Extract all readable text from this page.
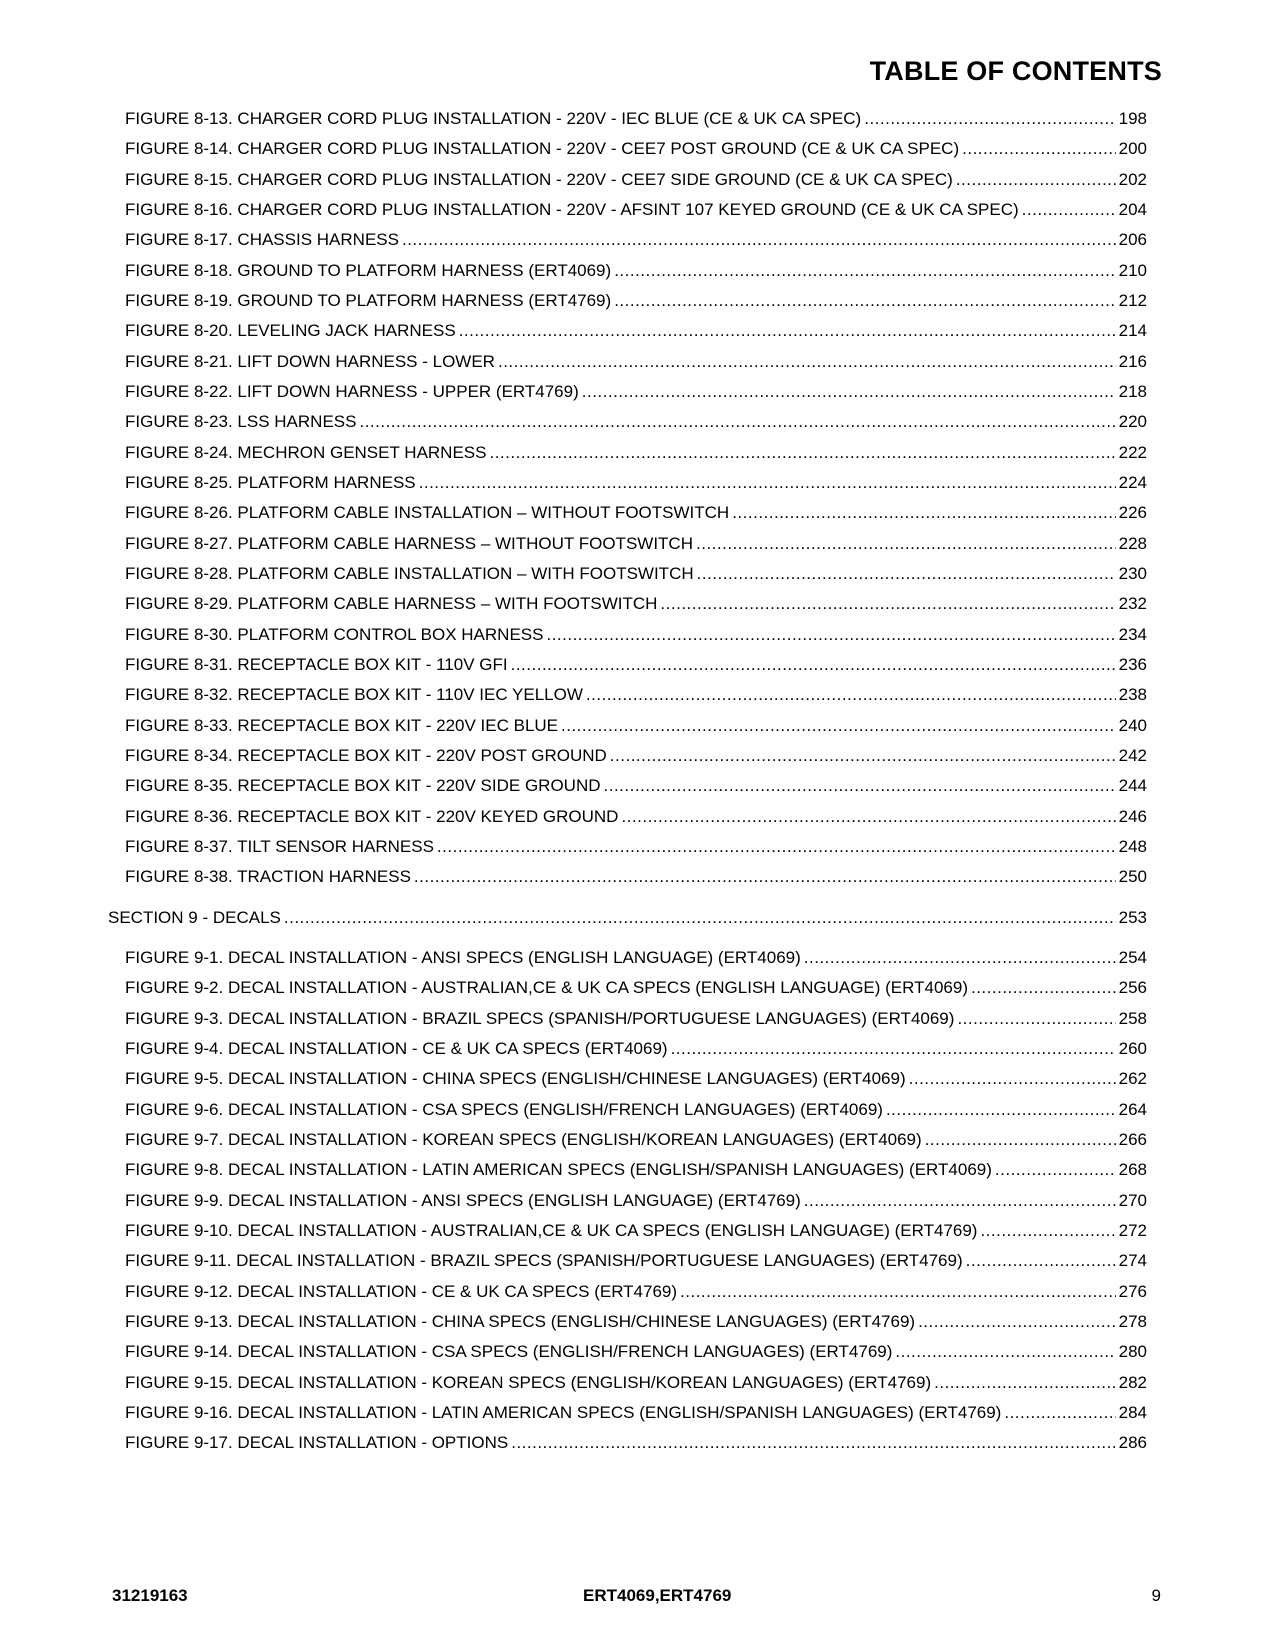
TABLE OF CONTENTS
FIGURE 8-13. CHARGER CORD PLUG INSTALLATION - 220V - IEC BLUE (CE & UK CA SPEC) .....	198
FIGURE 8-14. CHARGER CORD PLUG INSTALLATION - 220V - CEE7 POST GROUND (CE & UK CA SPEC) .....	200
FIGURE 8-15. CHARGER CORD PLUG INSTALLATION - 220V - CEE7 SIDE GROUND (CE & UK CA SPEC) .....	202
FIGURE 8-16. CHARGER CORD PLUG INSTALLATION - 220V - AFSINT 107 KEYED GROUND (CE & UK CA SPEC) .....	204
FIGURE 8-17. CHASSIS HARNESS .....	206
FIGURE 8-18. GROUND TO PLATFORM HARNESS (ERT4069) .....	210
FIGURE 8-19. GROUND TO PLATFORM HARNESS (ERT4769) .....	212
FIGURE 8-20. LEVELING JACK HARNESS .....	214
FIGURE 8-21. LIFT DOWN HARNESS - LOWER .....	216
FIGURE 8-22. LIFT DOWN HARNESS - UPPER (ERT4769) .....	218
FIGURE 8-23. LSS HARNESS .....	220
FIGURE 8-24. MECHRON GENSET HARNESS .....	222
FIGURE 8-25. PLATFORM HARNESS .....	224
FIGURE 8-26. PLATFORM CABLE INSTALLATION – WITHOUT FOOTSWITCH .....	226
FIGURE 8-27. PLATFORM CABLE HARNESS – WITHOUT FOOTSWITCH .....	228
FIGURE 8-28. PLATFORM CABLE INSTALLATION – WITH FOOTSWITCH .....	230
FIGURE 8-29. PLATFORM CABLE HARNESS – WITH FOOTSWITCH .....	232
FIGURE 8-30. PLATFORM CONTROL BOX HARNESS .....	234
FIGURE 8-31. RECEPTACLE BOX KIT - 110V GFI .....	236
FIGURE 8-32. RECEPTACLE BOX KIT - 110V IEC YELLOW .....	238
FIGURE 8-33. RECEPTACLE BOX KIT - 220V IEC BLUE .....	240
FIGURE 8-34. RECEPTACLE BOX KIT - 220V POST GROUND .....	242
FIGURE 8-35. RECEPTACLE BOX KIT - 220V SIDE GROUND .....	244
FIGURE 8-36. RECEPTACLE BOX KIT - 220V KEYED GROUND .....	246
FIGURE 8-37. TILT SENSOR HARNESS .....	248
FIGURE 8-38. TRACTION HARNESS .....	250
SECTION 9 - DECALS .....	253
FIGURE 9-1. DECAL INSTALLATION - ANSI SPECS (ENGLISH LANGUAGE) (ERT4069) .....	254
FIGURE 9-2. DECAL INSTALLATION - AUSTRALIAN,CE & UK CA SPECS (ENGLISH LANGUAGE) (ERT4069) .....	256
FIGURE 9-3. DECAL INSTALLATION - BRAZIL SPECS (SPANISH/PORTUGUESE LANGUAGES) (ERT4069) .....	258
FIGURE 9-4. DECAL INSTALLATION - CE & UK CA SPECS (ERT4069) .....	260
FIGURE 9-5. DECAL INSTALLATION - CHINA SPECS (ENGLISH/CHINESE LANGUAGES) (ERT4069) .....	262
FIGURE 9-6. DECAL INSTALLATION - CSA SPECS (ENGLISH/FRENCH LANGUAGES) (ERT4069) .....	264
FIGURE 9-7. DECAL INSTALLATION - KOREAN SPECS (ENGLISH/KOREAN LANGUAGES) (ERT4069) .....	266
FIGURE 9-8. DECAL INSTALLATION - LATIN AMERICAN SPECS (ENGLISH/SPANISH LANGUAGES) (ERT4069) .....	268
FIGURE 9-9. DECAL INSTALLATION - ANSI SPECS (ENGLISH LANGUAGE) (ERT4769) .....	270
FIGURE 9-10. DECAL INSTALLATION - AUSTRALIAN,CE & UK CA SPECS (ENGLISH LANGUAGE) (ERT4769) .....	272
FIGURE 9-11. DECAL INSTALLATION - BRAZIL SPECS (SPANISH/PORTUGUESE LANGUAGES) (ERT4769) .....	274
FIGURE 9-12. DECAL INSTALLATION - CE & UK CA SPECS (ERT4769) .....	276
FIGURE 9-13. DECAL INSTALLATION - CHINA SPECS (ENGLISH/CHINESE LANGUAGES) (ERT4769) .....	278
FIGURE 9-14. DECAL INSTALLATION - CSA SPECS (ENGLISH/FRENCH LANGUAGES) (ERT4769) .....	280
FIGURE 9-15. DECAL INSTALLATION - KOREAN SPECS (ENGLISH/KOREAN LANGUAGES) (ERT4769) .....	282
FIGURE 9-16. DECAL INSTALLATION - LATIN AMERICAN SPECS (ENGLISH/SPANISH LANGUAGES) (ERT4769) .....	284
FIGURE 9-17. DECAL INSTALLATION - OPTIONS .....	286
31219163	ERT4069,ERT4769	9
